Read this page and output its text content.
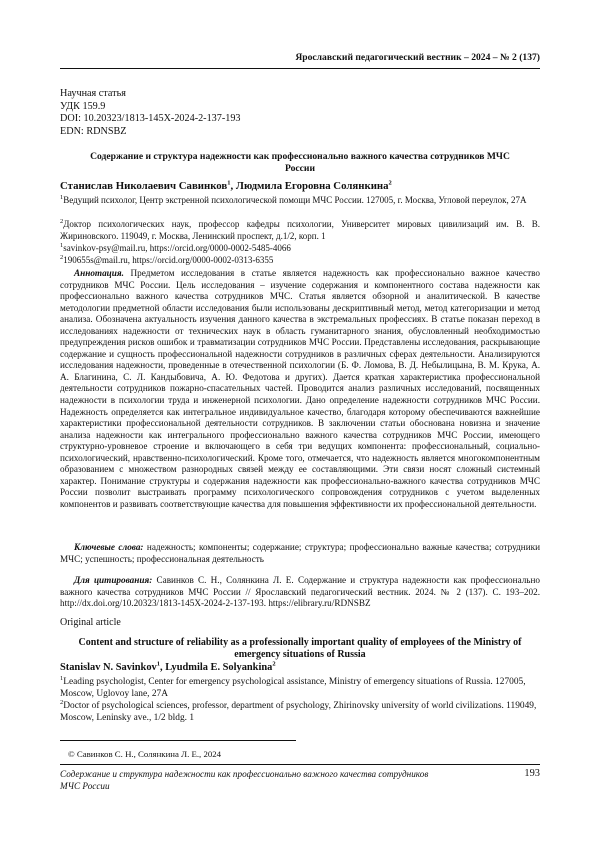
Ярославский педагогический вестник – 2024 – № 2 (137)
Научная статья
УДК 159.9
DOI: 10.20323/1813-145X-2024-2-137-193
EDN: RDNSBZ
Содержание и структура надежности как профессионально важного качества сотрудников МЧС России
Станислав Николаевич Савинков$^1$, Людмила Егоровна Солянкина$^2$
$^1$Ведущий психолог, Центр экстренной психологической помощи МЧС России. 127005, г. Москва, Угловой переулок, 27А
$^2$Доктор психологических наук, профессор кафедры психологии, Университет мировых цивилизаций им. В. В. Жириновского. 119049, г. Москва, Ленинский проспект, д.1/2, корп. 1
$^1$savinkov-psy@mail.ru, https://orcid.org/0000-0002-5485-4066
$^2$190655s@mail.ru, https://orcid.org/0000-0002-0313-6355
Аннотация. Предметом исследования в статье является надежность как профессионально важное качество сотрудников МЧС России. Цель исследования – изучение содержания и компонентного состава надежности как профессионально важного качества сотрудников МЧС. Статья является обзорной и аналитической. В качестве методологии предметной области исследования были использованы дескриптивный метод, метод категоризации и метод анализа. Обозначена актуальность изучения данного качества в экстремальных профессиях. В статье показан переход в исследованиях надежности от технических наук в область гуманитарного знания, обусловленный необходимостью предупреждения рисков ошибок и травматизации сотрудников МЧС России. Представлены исследования, раскрывающие содержание и сущность профессиональной надежности сотрудников в различных сферах деятельности. Анализируются исследования надежности, проведенные в отечественной психологии (Б. Ф. Ломова, В. Д. Небылицына, В. М. Крука, А. А. Благинина, С. Л. Кандыбовича, А. Ю. Федотова и других). Дается краткая характеристика профессиональной деятельности сотрудников пожарно-спасательных частей. Проводится анализ различных исследований, посвященных надежности в психологии труда и инженерной психологии. Дано определение надежности сотрудников МЧС России. Надежность определяется как интегральное индивидуальное качество, благодаря которому обеспечиваются важнейшие характеристики профессиональной деятельности сотрудников. В заключении статьи обоснована новизна и значение анализа надежности как интегрального профессионально важного качества сотрудников МЧС России, имеющего структурно-уровневое строение и включающего в себя три ведущих компонента: профессиональный, социально-психологический, нравственно-психологический. Кроме того, отмечается, что надежность является многокомпонентным образованием с множеством разнородных связей между ее составляющими. Эти связи носят сложный системный характер. Понимание структуры и содержания надежности как профессионально-важного качества сотрудников МЧС России позволит выстраивать программу психологического сопровождения сотрудников с учетом выделенных компонентов и развивать соответствующие качества для повышения эффективности их профессиональной деятельности.
Ключевые слова: надежность; компоненты; содержание; структура; профессионально важные качества; сотрудники МЧС; успешность; профессиональная деятельность
Для цитирования: Савинков С. Н., Солянкина Л. Е. Содержание и структура надежности как профессионально важного качества сотрудников МЧС России // Ярославский педагогический вестник. 2024. № 2 (137). С. 193–202. http://dx.doi.org/10.20323/1813-145X-2024-2-137-193. https://elibrary.ru/RDNSBZ
Original article
Content and structure of reliability as a professionally important quality of employees of the Ministry of emergency situations of Russia
Stanislav N. Savinkov$^1$, Lyudmila E. Solyankina$^2$
$^1$Leading psychologist, Center for emergency psychological assistance, Ministry of emergency situations of Russia. 127005, Moscow, Uglovoy lane, 27A
$^2$Doctor of psychological sciences, professor, department of psychology, Zhirinovsky university of world civilizations. 119049, Moscow, Leninsky ave., 1/2 bldg. 1
© Савинков С. Н., Солянкина Л. Е., 2024
Содержание и структура надежности как профессионально важного качества сотрудников МЧС России
193
